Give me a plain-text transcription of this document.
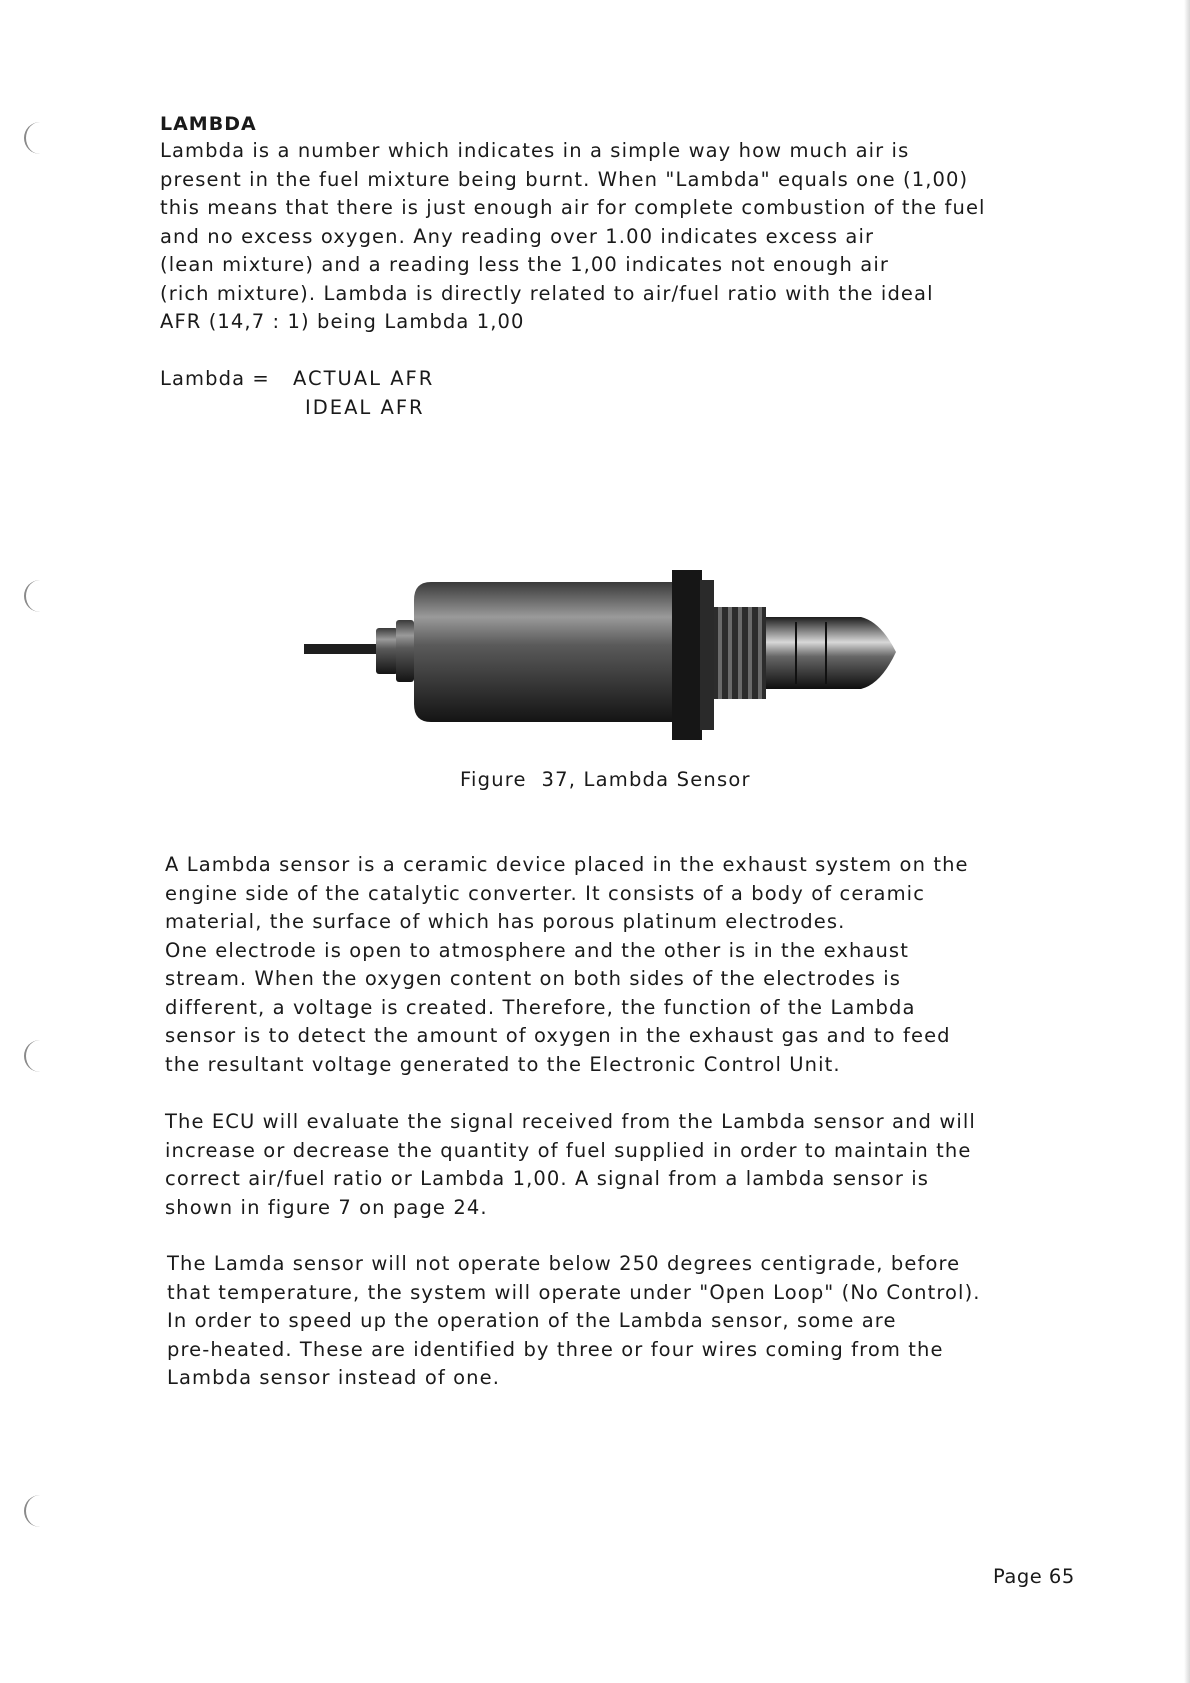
LAMBDA
Lambda is a number which indicates in a simple way how much air is
present in the fuel mixture being burnt. When "Lambda" equals one (1,00)
this means that there is just enough air for complete combustion of the fuel
and no excess oxygen. Any reading over 1.00 indicates excess air
(lean mixture) and a reading less the 1,00 indicates not enough air
(rich mixture). Lambda is directly related to air/fuel ratio with the ideal
AFR (14,7 : 1) being Lambda 1,00
Lambda = ACTUAL AFR
IDEAL AFR
Figure  37, Lambda Sensor
A Lambda sensor is a ceramic device placed in the exhaust system on the
engine side of the catalytic converter. It consists of a body of ceramic
material, the surface of which has porous platinum electrodes.
One electrode is open to atmosphere and the other is in the exhaust
stream. When the oxygen content on both sides of the electrodes is
different, a voltage is created. Therefore, the function of the Lambda
sensor is to detect the amount of oxygen in the exhaust gas and to feed
the resultant voltage generated to the Electronic Control Unit.
The ECU will evaluate the signal received from the Lambda sensor and will
increase or decrease the quantity of fuel supplied in order to maintain the
correct air/fuel ratio or Lambda 1,00. A signal from a lambda sensor is
shown in figure 7 on page 24.
The Lamda sensor will not operate below 250 degrees centigrade, before
that temperature, the system will operate under "Open Loop" (No Control).
In order to speed up the operation of the Lambda sensor, some are
pre-heated. These are identified by three or four wires coming from the
Lambda sensor instead of one.
Page 65
